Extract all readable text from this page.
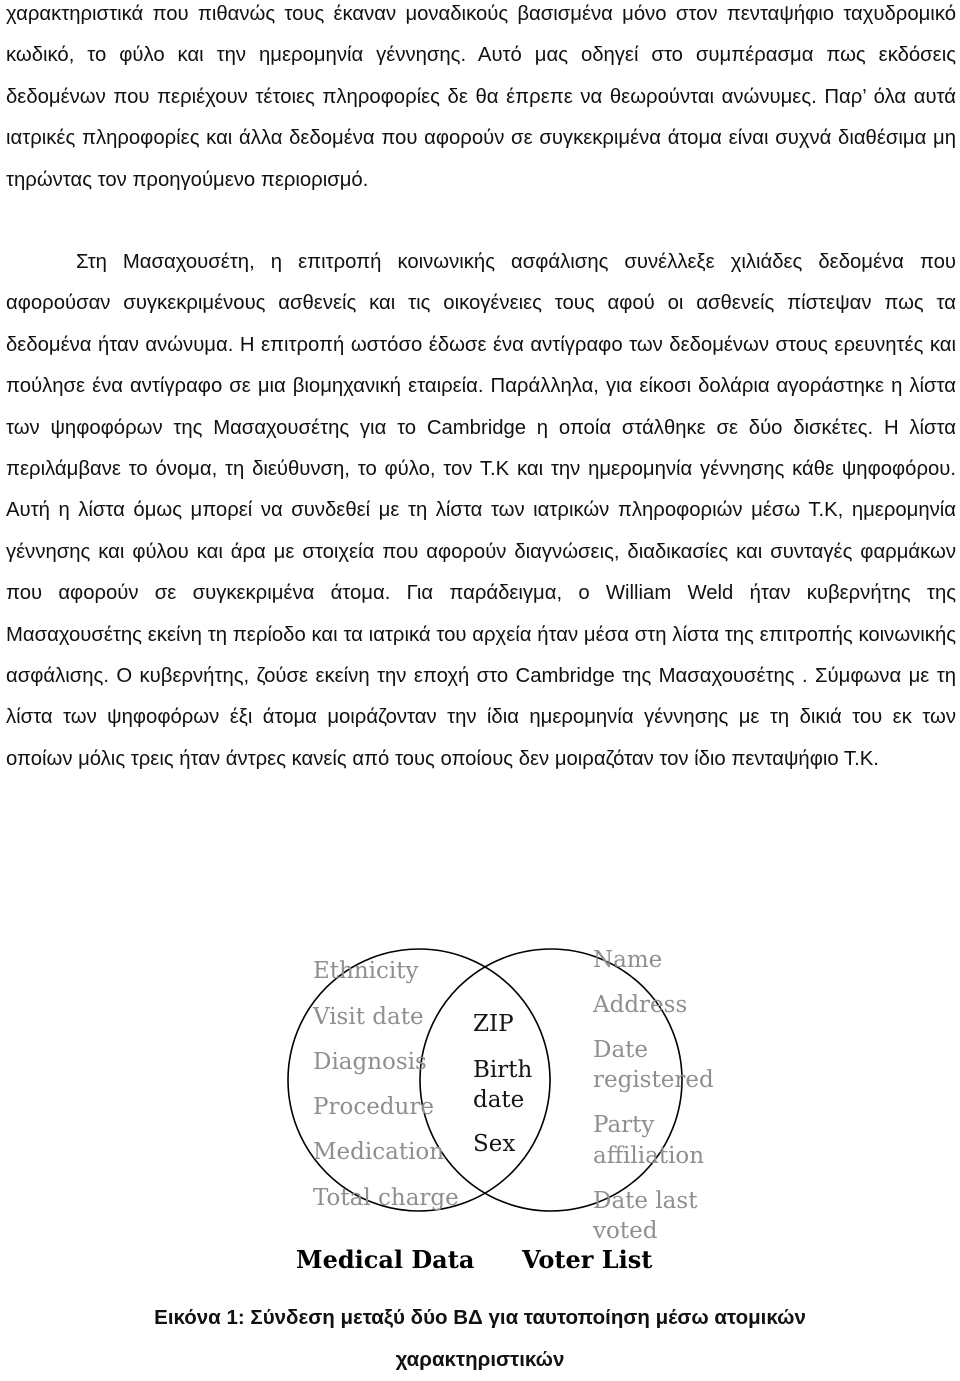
χαρακτηριστικά που πιθανώς τους έκαναν μοναδικούς βασισμένα μόνο στον πενταψήφιο ταχυδρομικό κωδικό, το φύλο και την ημερομηνία γέννησης. Αυτό μας οδηγεί στο συμπέρασμα πως εκδόσεις δεδομένων που περιέχουν τέτοιες πληροφορίες δε θα έπρεπε να θεωρούνται ανώνυμες. Παρ’ όλα αυτά ιατρικές πληροφορίες και άλλα δεδομένα που αφορούν σε συγκεκριμένα άτομα είναι συχνά διαθέσιμα μη τηρώντας τον προηγούμενο περιορισμό.

Στη Μασαχουσέτη, η επιτροπή κοινωνικής ασφάλισης συνέλλεξε χιλιάδες δεδομένα που αφορούσαν συγκεκριμένους ασθενείς και τις οικογένειες τους αφού οι ασθενείς πίστεψαν πως τα δεδομένα ήταν ανώνυμα. Η επιτροπή ωστόσο έδωσε ένα αντίγραφο των δεδομένων στους ερευνητές και πούλησε ένα αντίγραφο σε μια βιομηχανική εταιρεία. Παράλληλα, για είκοσι δολάρια αγοράστηκε η λίστα των ψηφοφόρων της Μασαχουσέτης για το Cambridge η οποία στάλθηκε σε δύο δισκέτες. Η λίστα περιλάμβανε το όνομα, τη διεύθυνση, το φύλο, τον Τ.Κ και την ημερομηνία γέννησης κάθε ψηφοφόρου. Αυτή η λίστα όμως μπορεί να συνδεθεί με τη λίστα των ιατρικών πληροφοριών μέσω Τ.Κ, ημερομηνία γέννησης και φύλου και άρα με στοιχεία που αφορούν διαγνώσεις, διαδικασίες και συνταγές φαρμάκων που αφορούν σε συγκεκριμένα άτομα. Για παράδειγμα, ο William Weld ήταν κυβερνήτης της Μασαχουσέτης εκείνη τη περίοδο και τα ιατρικά του αρχεία ήταν μέσα στη λίστα της επιτροπής κοινωνικής ασφάλισης. Ο κυβερνήτης, ζούσε εκείνη την εποχή στο Cambridge της Μασαχουσέτης . Σύμφωνα με τη λίστα των ψηφοφόρων έξι άτομα μοιράζονταν την ίδια ημερομηνία γέννησης με τη δικιά του εκ των οποίων μόλις τρεις ήταν άντρες κανείς από τους οποίους δεν μοιραζόταν τον ίδιο πενταψήφιο Τ.Κ.

Ethnicity
Visit date
Diagnosis
Procedure
Medication
Total charge
ZIP
Birth
date
Sex
Name
Address
Date
registered
Party
affiliation
Date last
voted
Medical Data Voter List
Εικόνα 1: Σύνδεση μεταξύ δύο ΒΔ για ταυτοποίηση μέσω ατομικών
χαρακτηριστικών
